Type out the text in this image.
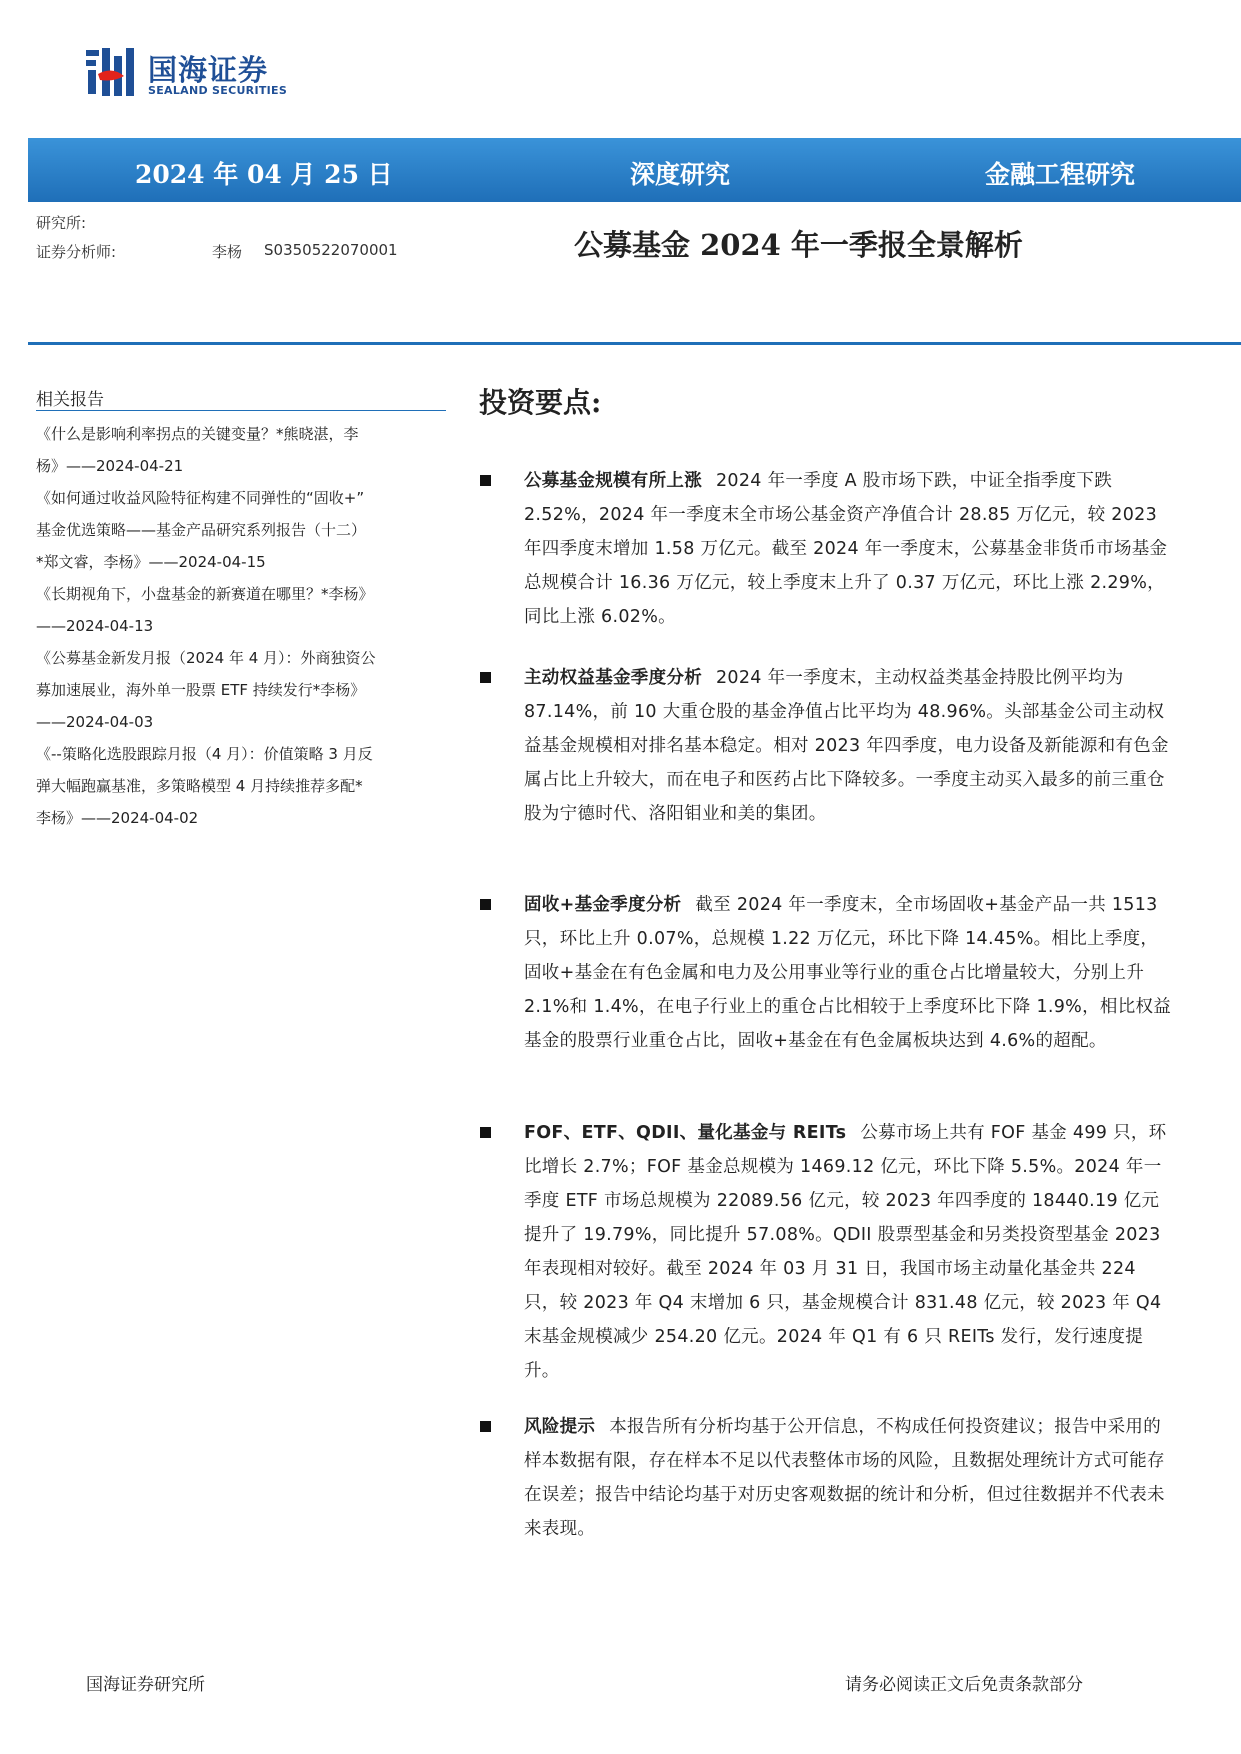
国海证券
SEALAND SECURITIES
2024 年 04 月 25 日	深度研究	金融工程研究
研究所:
证券分析师:	李杨 S0350522070001	公募基金 2024 年一季报全景解析
相关报告

《什么是影响利率拐点的关键变量？*熊晓湛，李

杨》——2024-04-21

《如何通过收益风险特征构建不同弹性的“固收+”

基金优选策略——基金产品研究系列报告（十二）

*郑文睿，李杨》——2024-04-15

《长期视角下，小盘基金的新赛道在哪里？*李杨》

——2024-04-13

《公募基金新发月报（2024 年 4 月）：外商独资公

募加速展业，海外单一股票 ETF 持续发行*李杨》

——2024-04-03

《--策略化选股跟踪月报（4 月）：价值策略 3 月反

弹大幅跑赢基准，多策略模型 4 月持续推荐多配*

李杨》——2024-04-02

投资要点:
公募基金规模有所上涨 2024 年一季度 A 股市场下跌，中证全指季度下跌 2.52%，2024 年一季度末全市场公基金资产净值合计 28.85 万亿元，较 2023 年四季度末增加 1.58 万亿元。截至 2024 年一季度末，公募基金非货币市场基金总规模合计 16.36 万亿元，较上季度末上升了 0.37 万亿元，环比上涨 2.29%，同比上涨 6.02%。
主动权益基金季度分析 2024 年一季度末，主动权益类基金持股比例平均为 87.14%，前 10 大重仓股的基金净值占比平均为 48.96%。头部基金公司主动权益基金规模相对排名基本稳定。相对 2023 年四季度，电力设备及新能源和有色金属占比上升较大，而在电子和医药占比下降较多。一季度主动买入最多的前三重仓股为宁德时代、洛阳钼业和美的集团。
固收+基金季度分析 截至 2024 年一季度末，全市场固收+基金产品一共 1513 只，环比上升 0.07%，总规模 1.22 万亿元，环比下降 14.45%。相比上季度，固收+基金在有色金属和电力及公用事业等行业的重仓占比增量较大，分别上升 2.1%和 1.4%，在电子行业上的重仓占比相较于上季度环比下降 1.9%，相比权益基金的股票行业重仓占比，固收+基金在有色金属板块达到 4.6%的超配。
FOF、ETF、QDII、量化基金与 REITs 公募市场上共有 FOF 基金 499 只，环比增长 2.7%；FOF 基金总规模为 1469.12 亿元，环比下降 5.5%。2024 年一季度 ETF 市场总规模为 22089.56 亿元，较 2023 年四季度的 18440.19 亿元提升了 19.79%，同比提升 57.08%。QDII 股票型基金和另类投资型基金 2023 年表现相对较好。截至 2024 年 03 月 31 日，我国市场主动量化基金共 224 只，较 2023 年 Q4 末增加 6 只，基金规模合计 831.48 亿元，较 2023 年 Q4 末基金规模减少 254.20 亿元。2024 年 Q1 有 6 只 REITs 发行，发行速度提升。
风险提示 本报告所有分析均基于公开信息，不构成任何投资建议；报告中采用的样本数据有限，存在样本不足以代表整体市场的风险，且数据处理统计方式可能存在误差；报告中结论均基于对历史客观数据的统计和分析，但过往数据并不代表未来表现。
国海证券研究所	请务必阅读正文后免责条款部分
